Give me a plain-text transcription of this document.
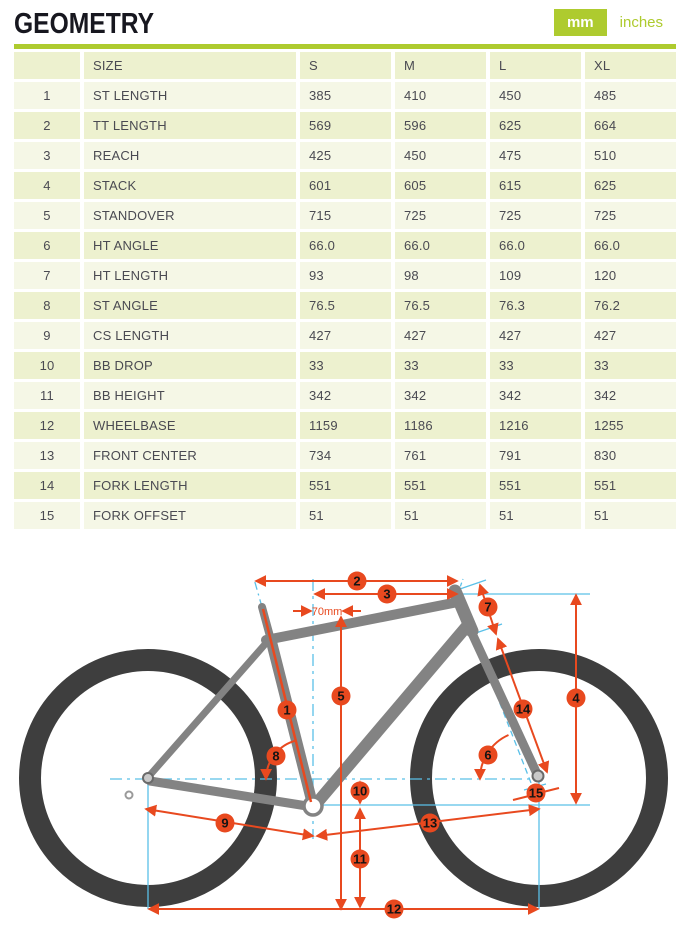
GEOMETRY	mm	inches
	SIZE	S	M	L	XL
1	ST LENGTH	385	410	450	485
2	TT LENGTH	569	596	625	664
3	REACH	425	450	475	510
4	STACK	601	605	615	625
5	STANDOVER	715	725	725	725
6	HT ANGLE	66.0	66.0	66.0	66.0
7	HT LENGTH	93	98	109	120
8	ST ANGLE	76.5	76.5	76.3	76.2
9	CS LENGTH	427	427	427	427
10	BB DROP	33	33	33	33
11	BB HEIGHT	342	342	342	342
12	WHEELBASE	1159	1186	1216	1255
13	FRONT CENTER	734	761	791	830
14	FORK LENGTH	551	551	551	551
15	FORK OFFSET	51	51	51	51
70mm
1
2
3
4
5
6
7
8
9
10
11
12
13
14
15
